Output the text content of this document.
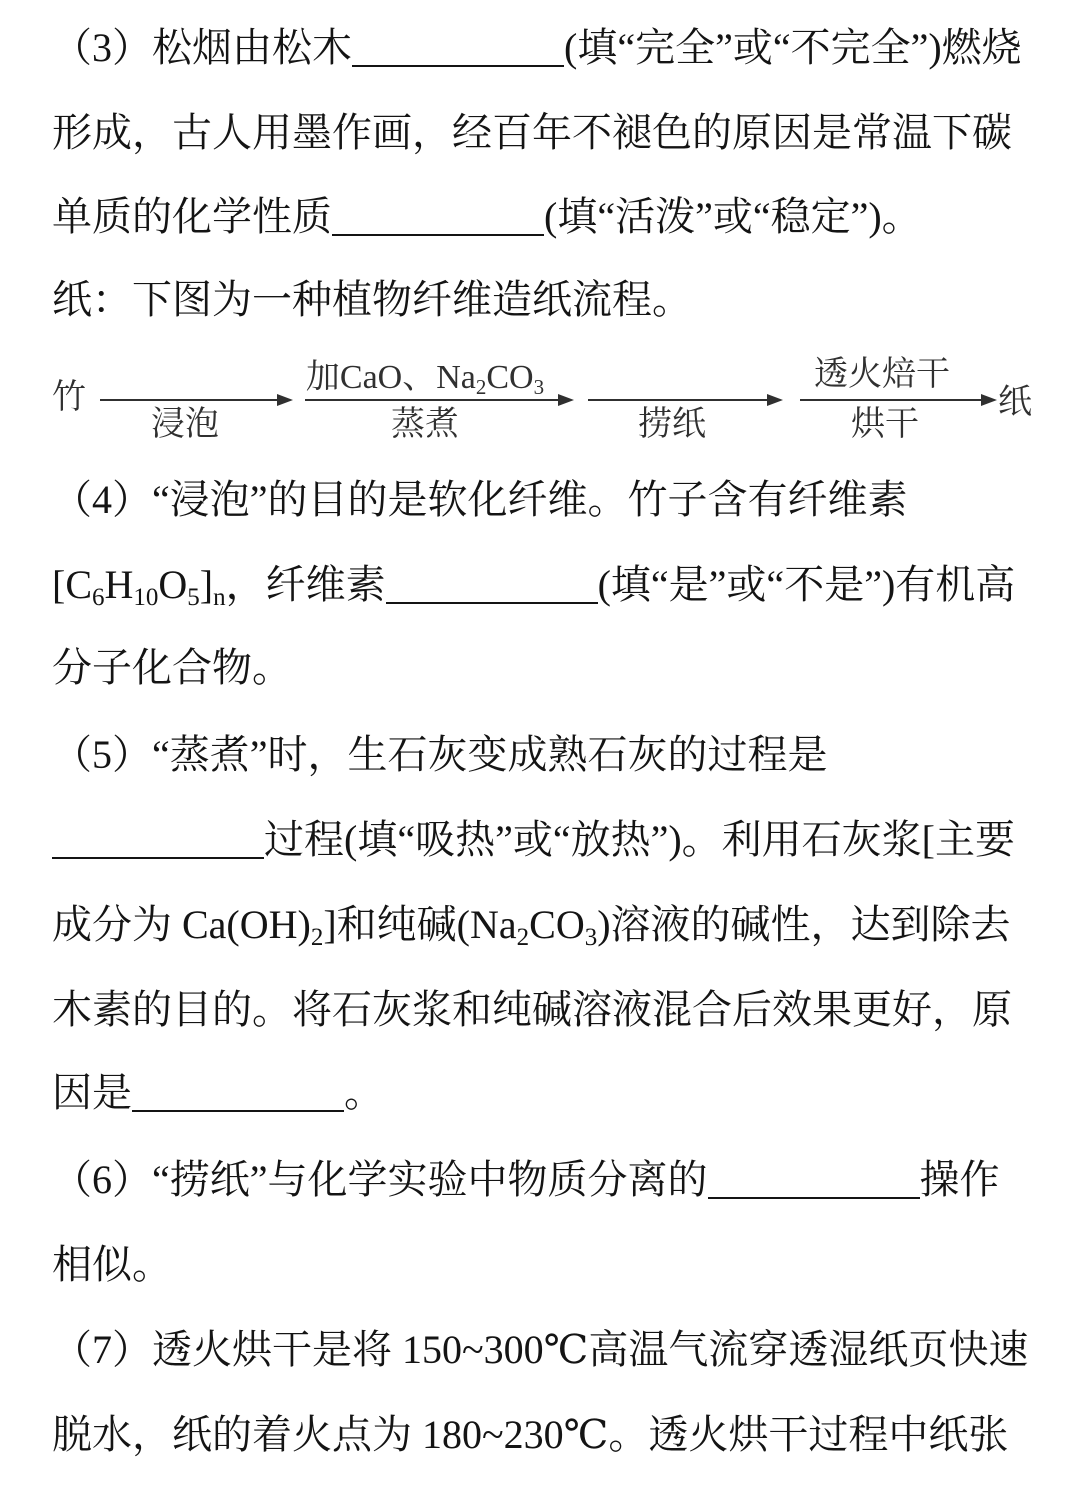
（3） 松烟由松木	(填“完全”或“不完全”)燃烧
形成，古人用墨作画，经百年不褪色的原因是常温下碳
单质的化学性质	(填“活泼”或“稳定”)。
纸：下图为一种植物纤维造纸流程。
竹
浸泡
加CaO、Na $_2$ CO $_3$
蒸煮	捞纸
透火焙干
烘干
纸
（4） “浸泡”的目的是软化纤维。竹子含有纤维素
[C $_6$ H $_{10}$ O $_5$ ] $_n$ ，纤维素	(填“是”或“不是”)有机高
分子化合物。
（5） “蒸煮”时，生石灰变成熟石灰的过程是
过程(填“吸热”或“放热”)。利用石灰浆[主要
成分为 Ca(OH) $_2$ ]和纯碱(Na $_2$ CO $_3$ )溶液的碱性，达到除去
木素的目的。将石灰浆和纯碱溶液混合后效果更好，原
因是	。
（6） “捞纸”与化学实验中物质分离的	操作
相似。
（7） 透火烘干是将 150~300℃高温气流穿透湿纸页快速
脱水，纸的着火点为 180~230℃。透火烘干过程中纸张
